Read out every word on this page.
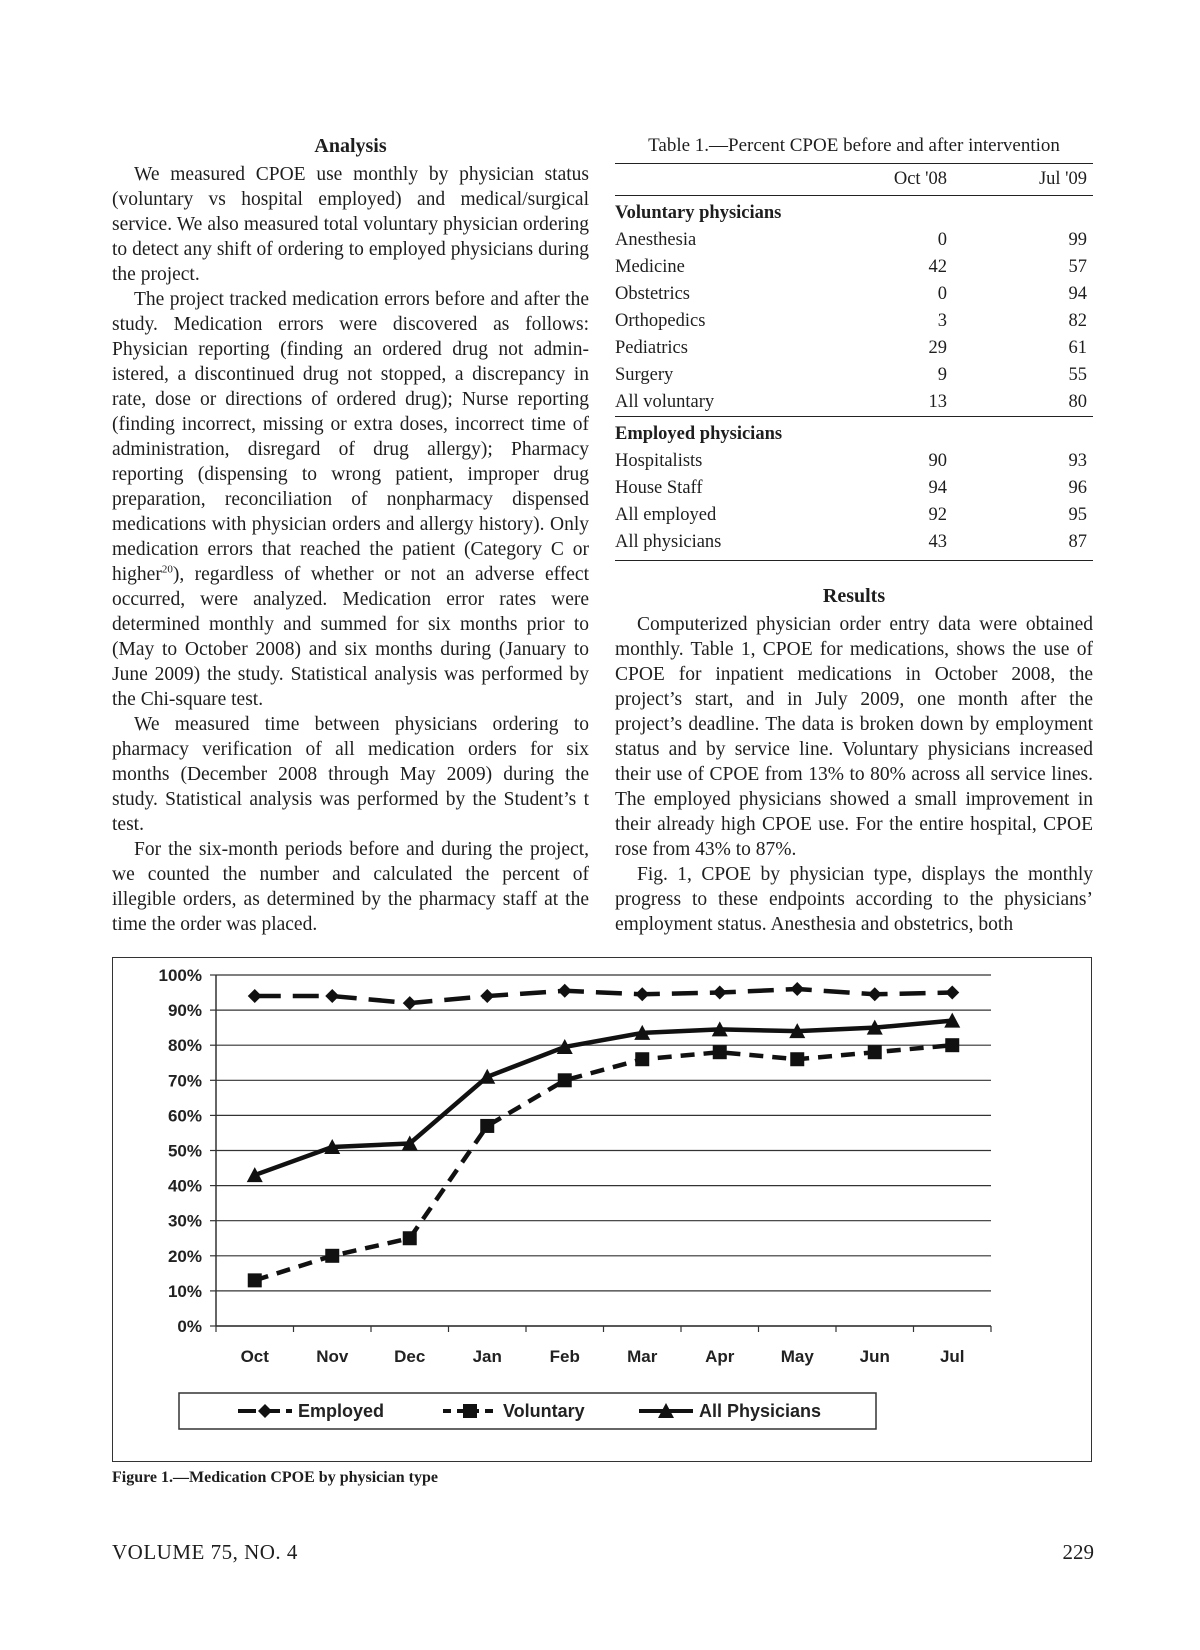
Analysis

We measured CPOE use monthly by physician status (voluntary vs hospital employed) and medical/surgical service. We also measured total voluntary physician ordering to detect any shift of ordering to employed physicians during the project.

The project tracked medication errors before and after the study. Medication errors were discovered as follows: Physician reporting (finding an ordered drug not administered, a discontinued drug not stopped, a discrepancy in rate, dose or directions of ordered drug); Nurse reporting (finding incorrect, missing or extra doses, incorrect time of administration, disregard of drug allergy); Pharmacy reporting (dispensing to wrong patient, improper drug preparation, reconciliation of nonpharmacy dispensed medications with physician orders and allergy history). Only medication errors that reached the patient (Category C or higher$^{20}$), regardless of whether or not an adverse effect occurred, were analyzed. Medication error rates were determined monthly and summed for six months prior to (May to October 2008) and six months during (January to June 2009) the study. Statistical analysis was performed by the Chi-square test.

We measured time between physicians ordering to pharmacy verification of all medication orders for six months (December 2008 through May 2009) during the study. Statistical analysis was performed by the Student’s t test.

For the six-month periods before and during the project, we counted the number and calculated the percent of illegible orders, as determined by the pharmacy staff at the time the order was placed.

Table 1.—Percent CPOE before and after intervention
	Oct '08	Jul '09
Voluntary physicians		
Anesthesia	0	99
Medicine	42	57
Obstetrics	0	94
Orthopedics	3	82
Pediatrics	29	61
Surgery	9	55
All voluntary	13	80
Employed physicians		
Hospitalists	90	93
House Staff	94	96
All employed	92	95
All physicians	43	87
Results

Computerized physician order entry data were obtained monthly. Table 1, CPOE for medications, shows the use of CPOE for inpatient medications in October 2008, the project’s start, and in July 2009, one month after the project’s deadline. The data is broken down by employment status and by service line. Voluntary physicians increased their use of CPOE from 13% to 80% across all service lines. The employed physicians showed a small improvement in their already high CPOE use. For the entire hospital, CPOE rose from 43% to 87%.

Fig. 1, CPOE by physician type, displays the monthly progress to these endpoints according to the physicians’ employment status. Anesthesia and obstetrics, both

0%
10%
20%
30%
40%
50%
60%
70%
80%
90%
100%
Oct	Nov	Dec	Jan	Feb	Mar	Apr	May	Jun	Jul
Employed	Voluntary	All Physicians
Figure 1.—Medication CPOE by physician type
VOLUME 75, NO. 4	229
